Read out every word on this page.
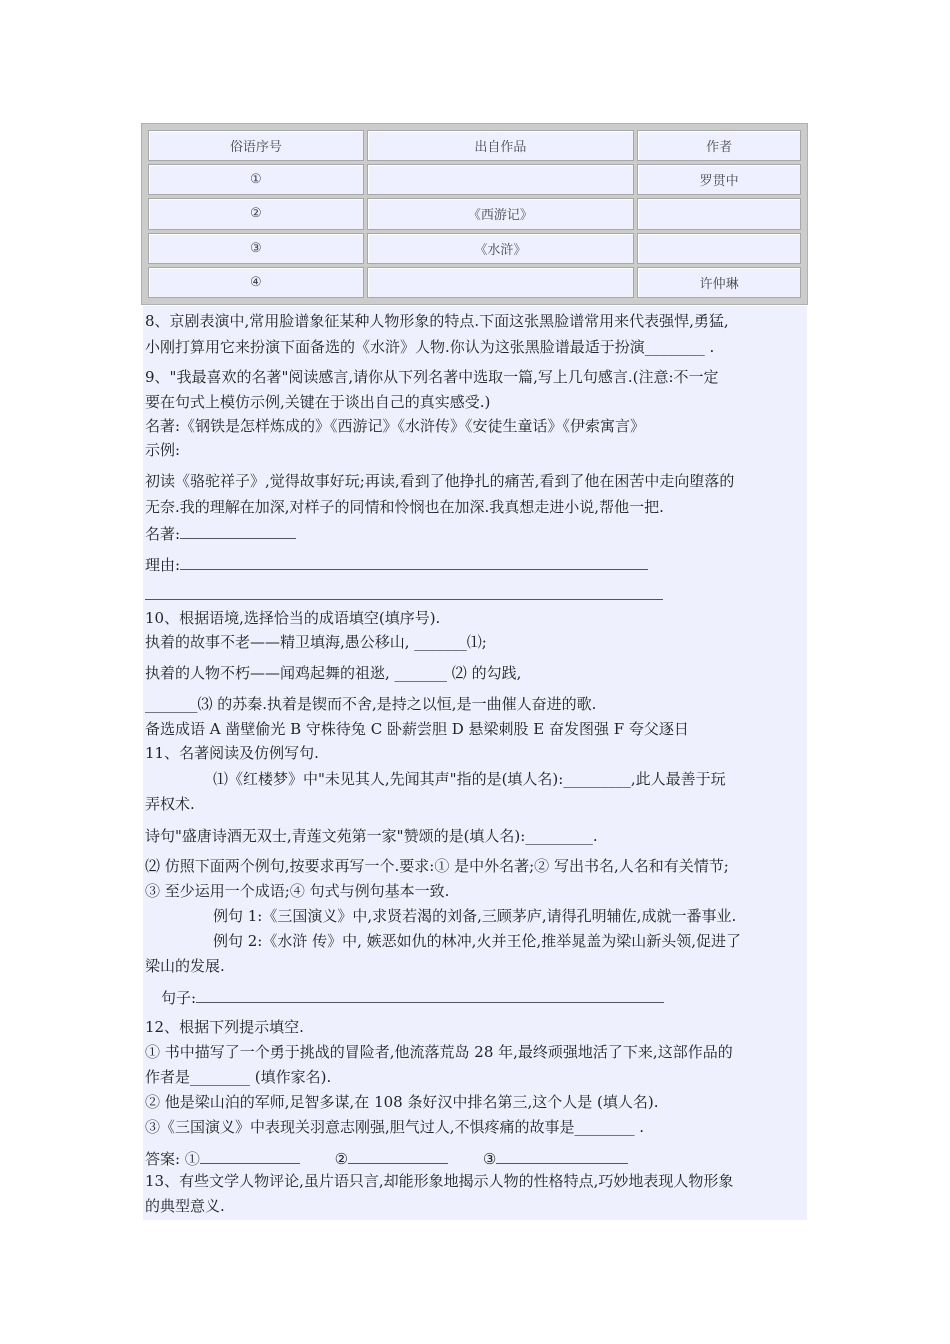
俗语序号	出自作品	作者
①		罗贯中
②	《西游记》	
③	《水浒》	
④		许仲琳
8、京剧表演中,常用脸谱象征某种人物形象的特点.下面这张黑脸谱常用来代表强悍,勇猛,
小刚打算用它来扮演下面备选的《水浒》人物.你认为这张黑脸谱最适于扮演________ .
9、"我最喜欢的名著"阅读感言,请你从下列名著中选取一篇,写上几句感言.(注意:不一定
要在句式上模仿示例,关键在于谈出自己的真实感受.)
名著:《钢铁是怎样炼成的》《西游记》《水浒传》《安徒生童话》《伊索寓言》
示例:
初读《骆驼祥子》,觉得故事好玩;再读,看到了他挣扎的痛苦,看到了他在困苦中走向堕落的
无奈.我的理解在加深,对样子的同情和怜悯也在加深.我真想走进小说,帮他一把.
名著:
理由:
10、根据语境,选择恰当的成语填空(填序号).
执着的故事不老——精卫填海,愚公移山, _______⑴;
执着的人物不朽——闻鸡起舞的祖逖, _______ ⑵ 的勾践,
_______⑶ 的苏秦.执着是锲而不舍,是持之以恒,是一曲催人奋进的歌.
备选成语 A 凿壁偷光 B 守株待兔 C 卧薪尝胆 D 悬梁刺股 E 奋发图强 F 夸父逐日
11、名著阅读及仿例写句.
⑴《红楼梦》中"未见其人,先闻其声"指的是(填人名):_________,此人最善于玩
弄权术.
诗句"盛唐诗酒无双士,青莲文苑第一家"赞颂的是(填人名):_________.
⑵ 仿照下面两个例句,按要求再写一个.要求:① 是中外名著;② 写出书名,人名和有关情节;
③ 至少运用一个成语;④ 句式与例句基本一致.
例句 1:《三国演义》中,求贤若渴的刘备,三顾茅庐,请得孔明辅佐,成就一番事业.
例句 2:《水浒 传》中, 嫉恶如仇的林冲,火并王伦,推举晁盖为梁山新头领,促进了
梁山的发展.
句子:
12、根据下列提示填空.
① 书中描写了一个勇于挑战的冒险者,他流落荒岛 28 年,最终顽强地活了下来,这部作品的
作者是________ (填作家名).
② 他是梁山泊的军师,足智多谋,在 108 条好汉中排名第三,这个人是 (填人名).
③《三国演义》中表现关羽意志刚强,胆气过人,不惧疼痛的故事是________ .
答案: ①	②	③
13、有些文学人物评论,虽片语只言,却能形象地揭示人物的性格特点,巧妙地表现人物形象
的典型意义.
